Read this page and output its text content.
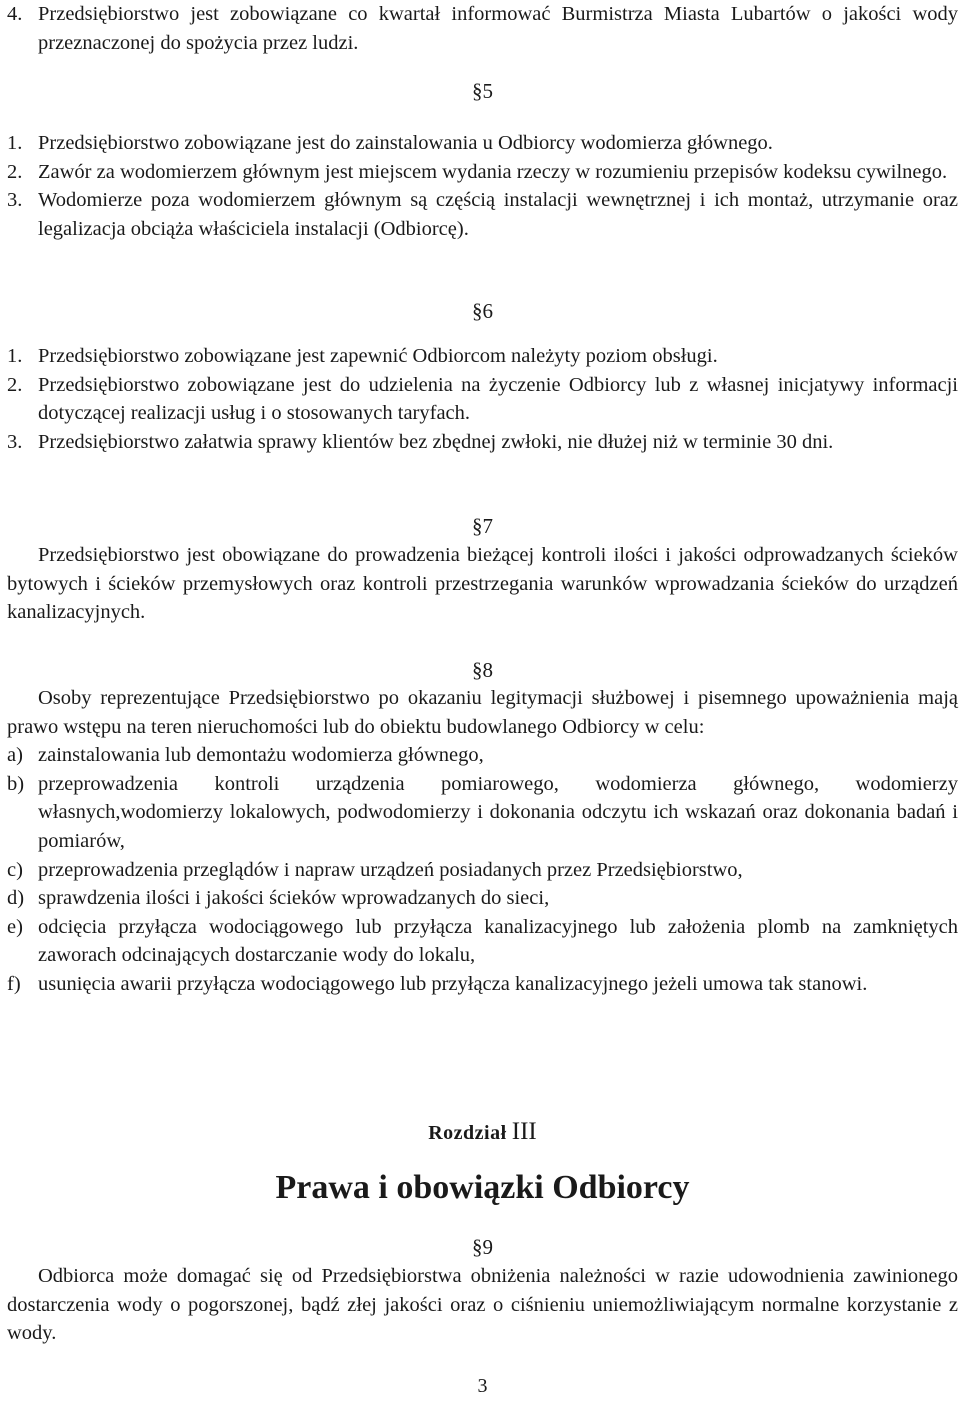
4. Przedsiębiorstwo jest zobowiązane co kwartał informować Burmistrza Miasta Lubartów o jakości wody przeznaczonej do spożycia przez ludzi.
§5
1. Przedsiębiorstwo zobowiązane jest do zainstalowania u Odbiorcy wodomierza głównego.
2. Zawór za wodomierzem głównym jest miejscem wydania rzeczy w rozumieniu przepisów kodeksu cywilnego.
3. Wodomierze poza wodomierzem głównym są częścią instalacji wewnętrznej i ich montaż, utrzymanie oraz legalizacja obciąża właściciela instalacji (Odbiorcę).
§6
1. Przedsiębiorstwo zobowiązane jest zapewnić Odbiorcom należyty poziom obsługi.
2. Przedsiębiorstwo zobowiązane jest do udzielenia na życzenie Odbiorcy lub z własnej inicjatywy informacji dotyczącej realizacji usług i o stosowanych taryfach.
3. Przedsiębiorstwo załatwia sprawy klientów bez zbędnej zwłoki, nie dłużej niż w terminie 30 dni.
§7
Przedsiębiorstwo jest obowiązane do prowadzenia bieżącej kontroli ilości i jakości odprowadzanych ścieków bytowych i ścieków przemysłowych oraz kontroli przestrzegania warunków wprowadzania ścieków do urządzeń kanalizacyjnych.
§8
Osoby reprezentujące Przedsiębiorstwo po okazaniu legitymacji służbowej i pisemnego upoważnienia mają prawo wstępu na teren nieruchomości lub do obiektu budowlanego Odbiorcy w celu:
a) zainstalowania lub demontażu wodomierza głównego,
b) przeprowadzenia kontroli urządzenia pomiarowego, wodomierza głównego, wodomierzy własnych,wodomierzy lokalowych, podwodomierzy i dokonania odczytu ich wskazań oraz dokonania badań i pomiarów,
c) przeprowadzenia przeglądów i napraw urządzeń posiadanych przez Przedsiębiorstwo,
d) sprawdzenia ilości i jakości ścieków wprowadzanych do sieci,
e) odcięcia przyłącza wodociągowego lub przyłącza kanalizacyjnego lub założenia plomb na zamkniętych zaworach odcinających dostarczanie wody do lokalu,
f) usunięcia awarii przyłącza wodociągowego lub przyłącza kanalizacyjnego jeżeli umowa tak stanowi.
Rozdział III
Prawa i obowiązki Odbiorcy
§9
Odbiorca może domagać się od Przedsiębiorstwa obniżenia należności w razie udowodnienia zawinionego dostarczenia wody o pogorszonej, bądź złej jakości oraz o ciśnieniu uniemożliwiającym normalne korzystanie z wody.
3
